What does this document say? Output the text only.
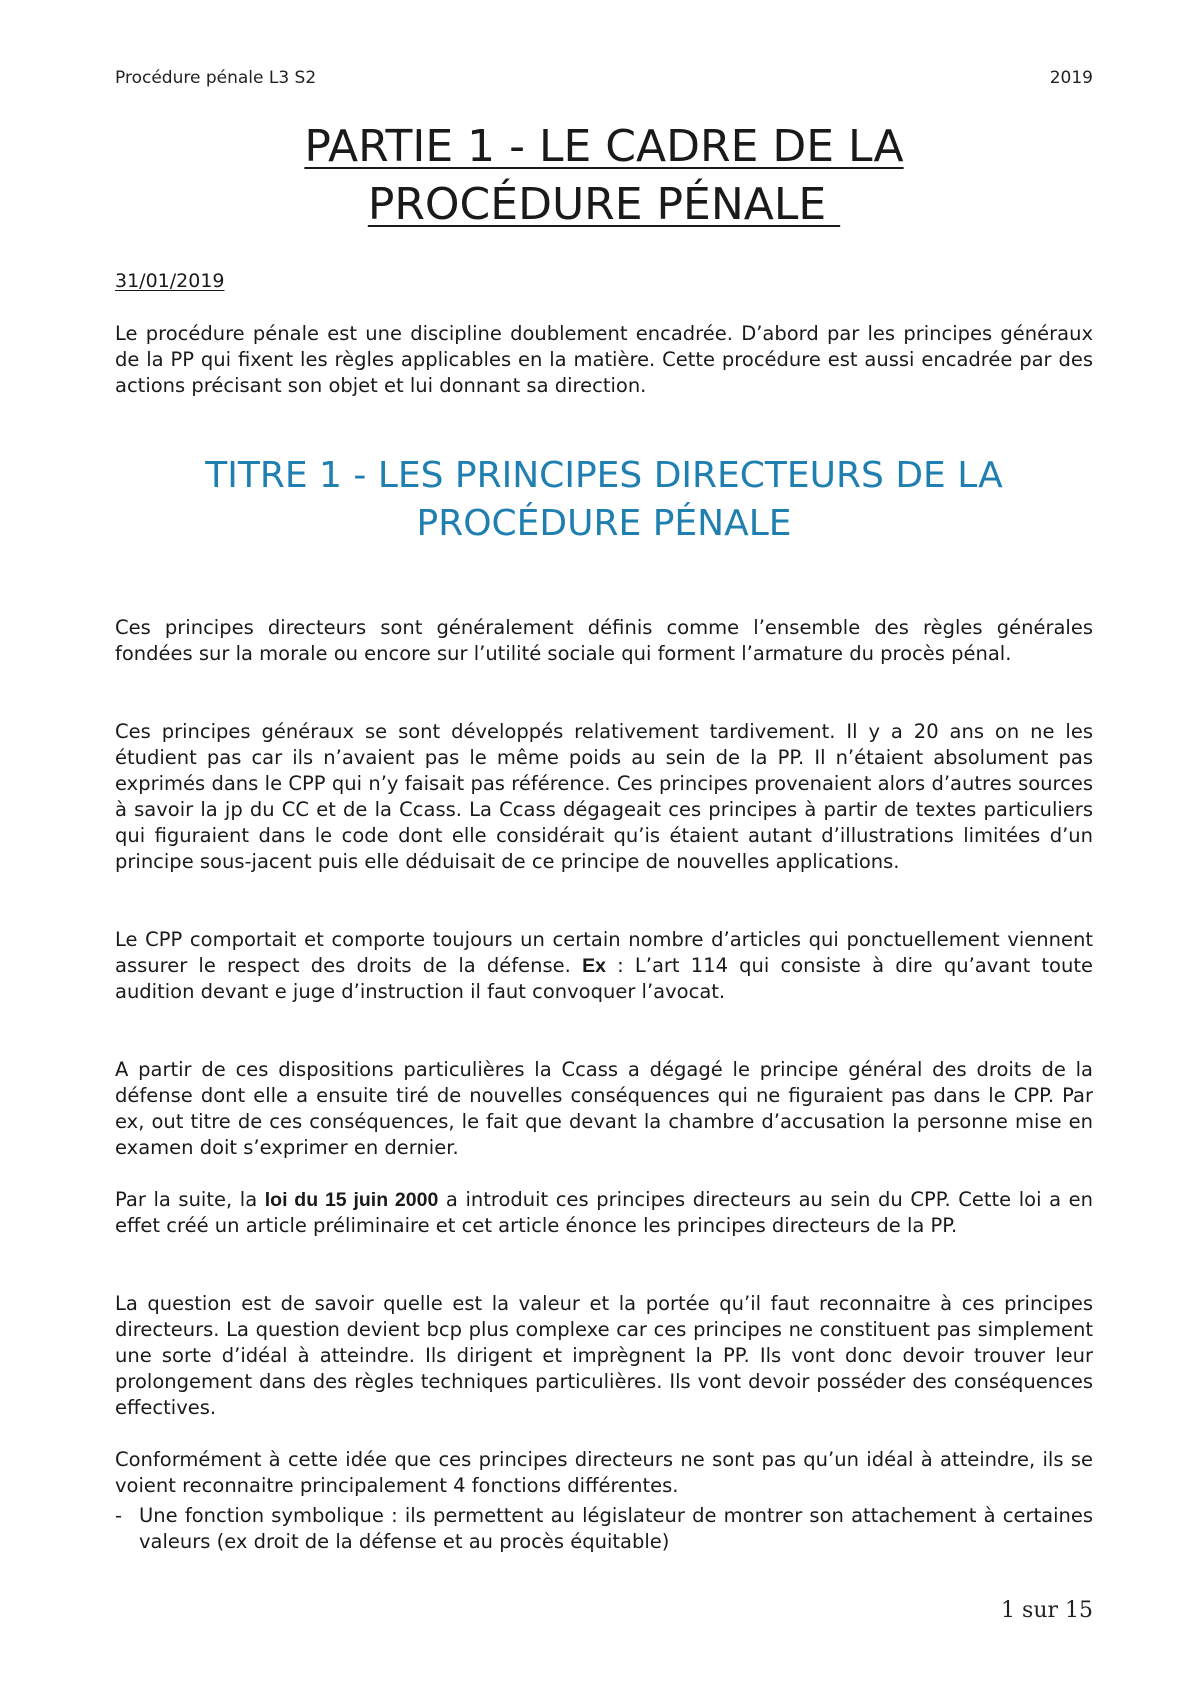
Procédure pénale L3 S2	2019
PARTIE 1 - LE CADRE DE LA
PROCÉDURE PÉNALE
31/01/2019

Le procédure pénale est une discipline doublement encadrée. D’abord par les principes généraux de la PP qui fixent les règles applicables en la matière. Cette procédure est aussi encadrée par des actions précisant son objet et lui donnant sa direction.

TITRE 1 - LES PRINCIPES DIRECTEURS DE LA
PROCÉDURE PÉNALE

Ces principes directeurs sont généralement définis comme l’ensemble des règles générales fondées sur la morale ou encore sur l’utilité sociale qui forment l’armature du procès pénal.

Ces principes généraux se sont développés relativement tardivement. Il y a 20 ans on ne les étudient pas car ils n’avaient pas le même poids au sein de la PP. Il n’étaient absolument pas exprimés dans le CPP qui n’y faisait pas référence. Ces principes provenaient alors d’autres sources à savoir la jp du CC et de la Ccass. La Ccass dégageait ces principes à partir de textes particuliers qui figuraient dans le code dont elle considérait qu’is étaient autant d’illustrations limitées d’un principe sous-jacent puis elle déduisait de ce principe de nouvelles applications.

Le CPP comportait et comporte toujours un certain nombre d’articles qui ponctuellement viennent assurer le respect des droits de la défense. Ex : L’art 114 qui consiste à dire qu’avant toute audition devant e juge d’instruction il faut convoquer l’avocat.

A partir de ces dispositions particulières la Ccass a dégagé le principe général des droits de la défense dont elle a ensuite tiré de nouvelles conséquences qui ne figuraient pas dans le CPP. Par ex, out titre de ces conséquences, le fait que devant la chambre d’accusation la personne mise en examen doit s’exprimer en dernier.

Par la suite, la loi du 15 juin 2000 a introduit ces principes directeurs au sein du CPP. Cette loi a en effet créé un article préliminaire et cet article énonce les principes directeurs de la PP.

La question est de savoir quelle est la valeur et la portée qu’il faut reconnaitre à ces principes directeurs. La question devient bcp plus complexe car ces principes ne constituent pas simplement une sorte d’idéal à atteindre. Ils dirigent et imprègnent la PP. Ils vont donc devoir trouver leur prolongement dans des règles techniques particulières. Ils vont devoir posséder des conséquences effectives.

Conformément à cette idée que ces principes directeurs ne sont pas qu’un idéal à atteindre, ils se voient reconnaitre principalement 4 fonctions différentes.

- Une fonction symbolique : ils permettent au législateur de montrer son attachement à certaines valeurs (ex droit de la défense et au procès équitable)
1 sur 15
